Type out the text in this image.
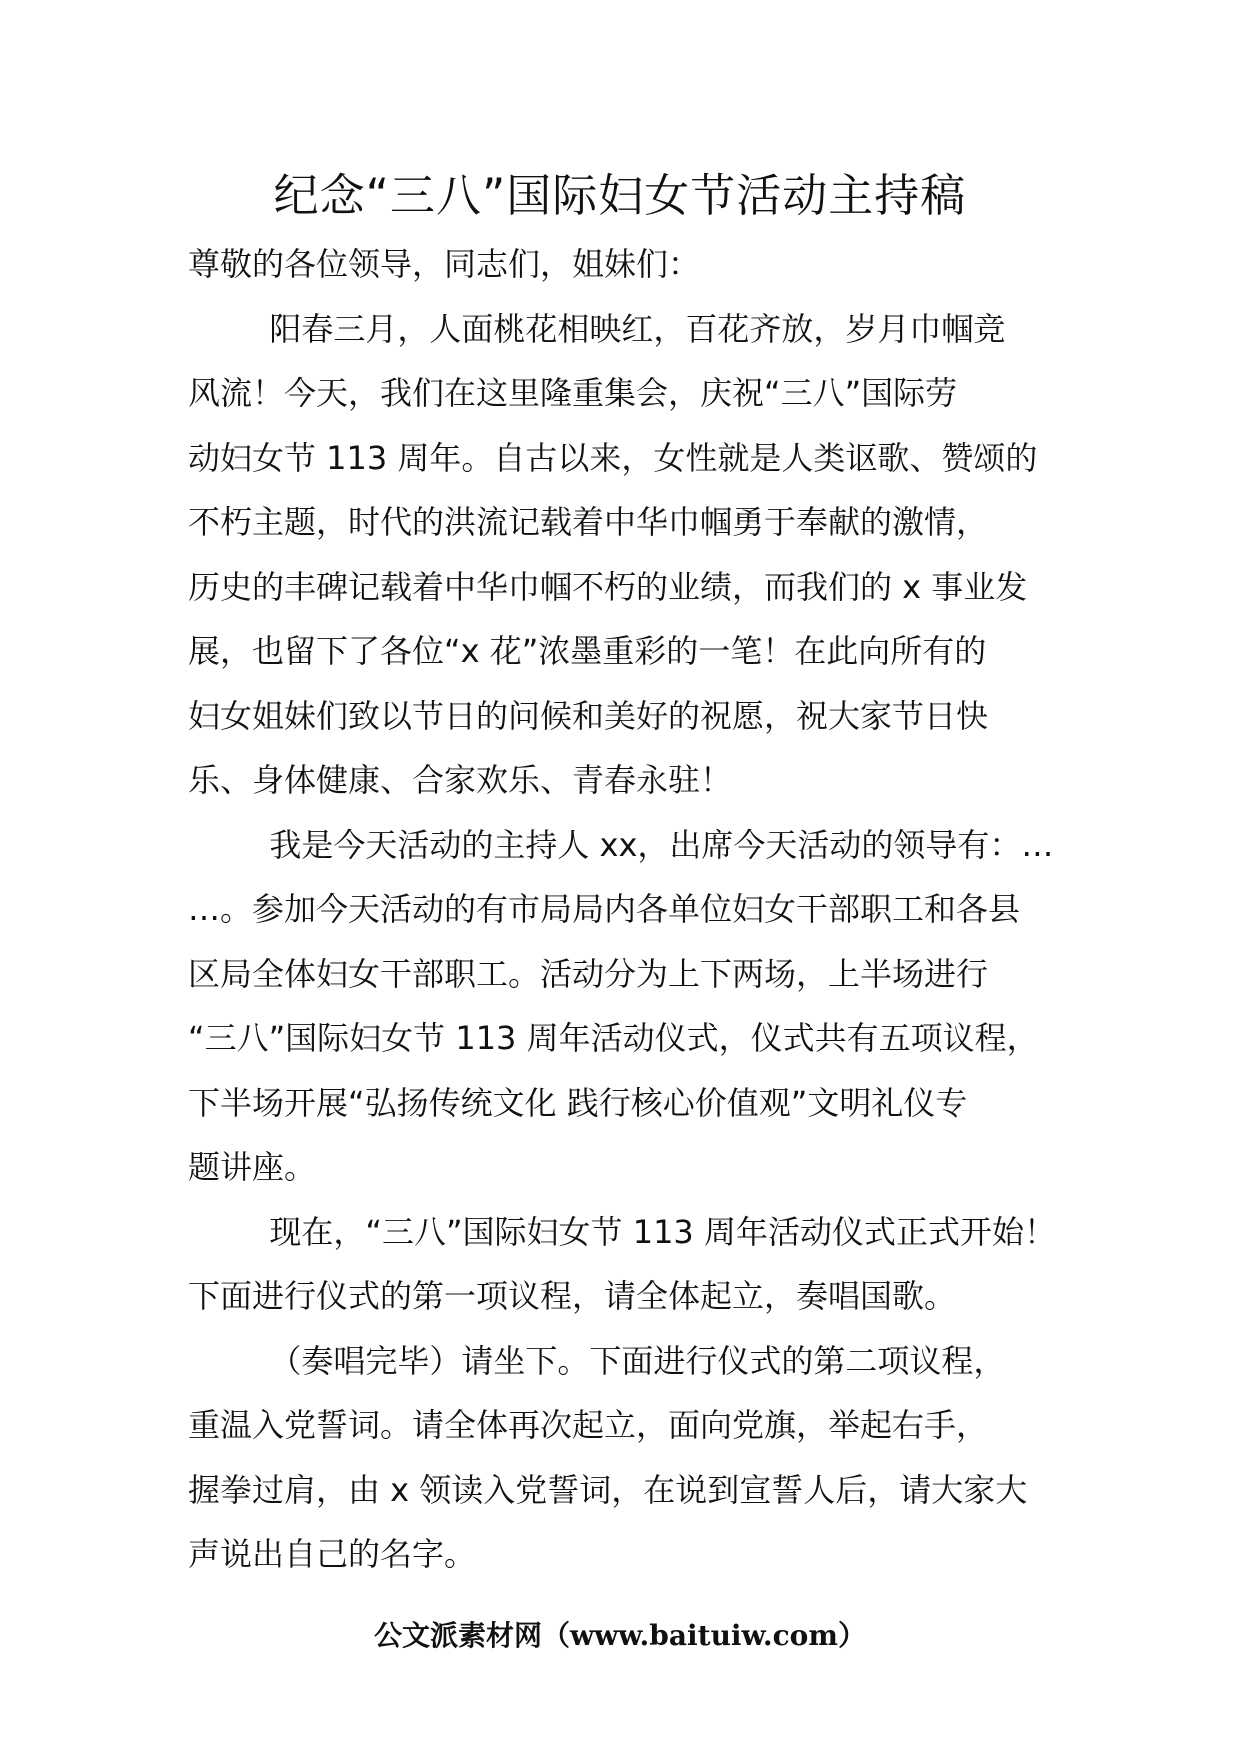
纪念“三八”国际妇女节活动主持稿
尊敬的各位领导，同志们，姐妹们：
阳春三月，人面桃花相映红，百花齐放，岁月巾帼竞
风流！今天，我们在这里隆重集会，庆祝“三八”国际劳
动妇女节 113 周年。自古以来，女性就是人类讴歌、赞颂的
不朽主题，时代的洪流记载着中华巾帼勇于奉献的激情，
历史的丰碑记载着中华巾帼不朽的业绩，而我们的 x 事业发
展，也留下了各位“x 花”浓墨重彩的一笔！在此向所有的
妇女姐妹们致以节日的问候和美好的祝愿，祝大家节日快
乐、身体健康、合家欢乐、青春永驻！
我是今天活动的主持人 xx，出席今天活动的领导有：…
…。参加今天活动的有市局局内各单位妇女干部职工和各县
区局全体妇女干部职工。活动分为上下两场，上半场进行
“三八”国际妇女节 113 周年活动仪式，仪式共有五项议程，
下半场开展“弘扬传统文化 践行核心价值观”文明礼仪专
题讲座。
现在，“三八”国际妇女节 113 周年活动仪式正式开始！
下面进行仪式的第一项议程，请全体起立，奏唱国歌。
（奏唱完毕）请坐下。下面进行仪式的第二项议程，
重温入党誓词。请全体再次起立，面向党旗，举起右手，
握拳过肩，由 x 领读入党誓词，在说到宣誓人后，请大家大
声说出自己的名字。
公文派素材网（www.baituiw.com）
